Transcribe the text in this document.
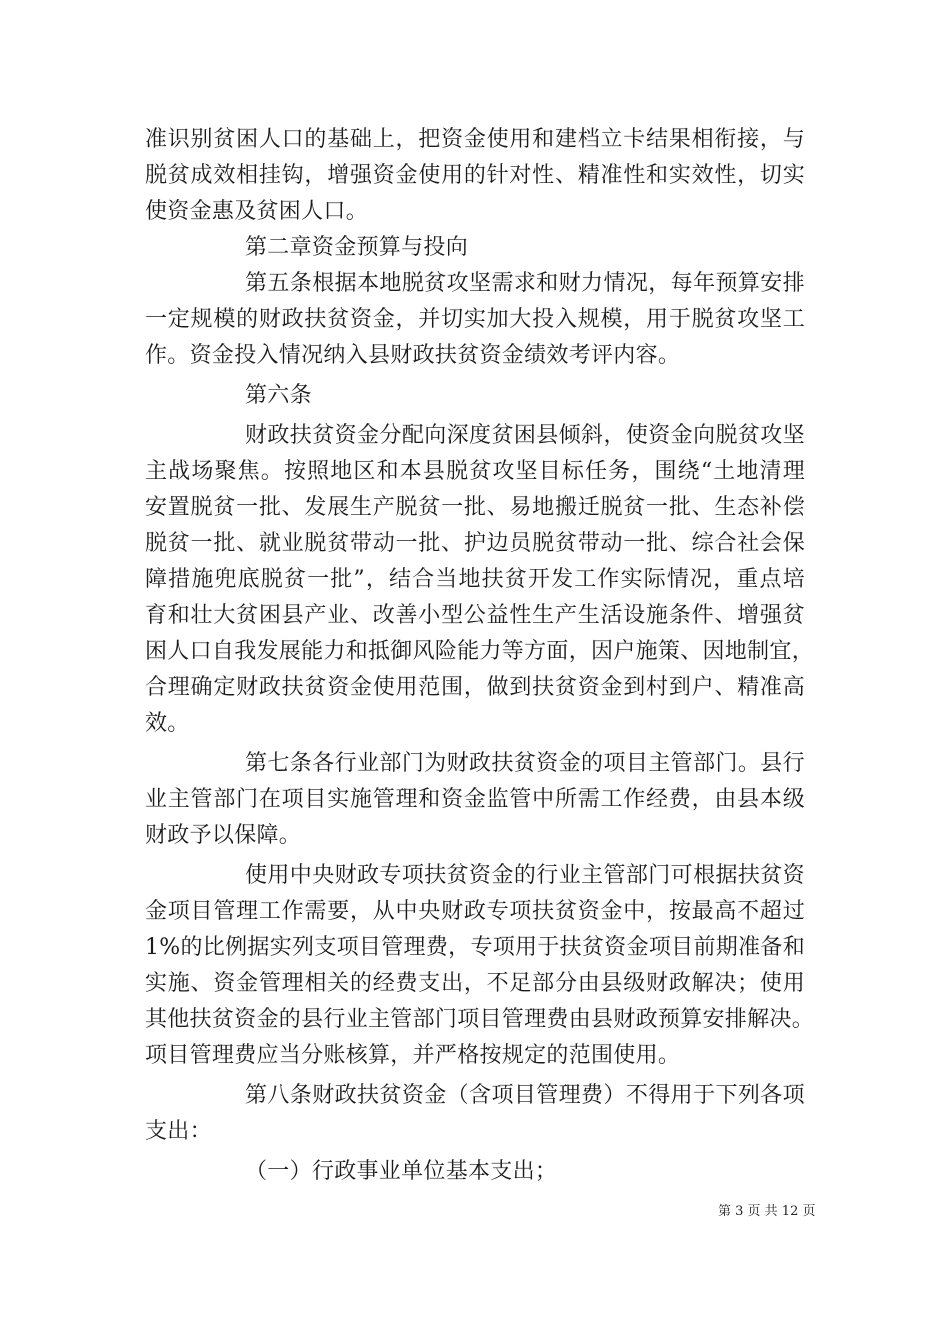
准识别贫困人口的基础上，把资金使用和建档立卡结果相衔接，与
脱贫成效相挂钩，增强资金使用的针对性、精准性和实效性，切实
使资金惠及贫困人口。
第二章资金预算与投向
第五条根据本地脱贫攻坚需求和财力情况，每年预算安排
一定规模的财政扶贫资金，并切实加大投入规模，用于脱贫攻坚工
作。资金投入情况纳入县财政扶贫资金绩效考评内容。
第六条
财政扶贫资金分配向深度贫困县倾斜，使资金向脱贫攻坚
主战场聚焦。按照地区和本县脱贫攻坚目标任务，围绕“土地清理
安置脱贫一批、发展生产脱贫一批、易地搬迁脱贫一批、生态补偿
脱贫一批、就业脱贫带动一批、护边员脱贫带动一批、综合社会保
障措施兜底脱贫一批”，结合当地扶贫开发工作实际情况，重点培
育和壮大贫困县产业、改善小型公益性生产生活设施条件、增强贫
困人口自我发展能力和抵御风险能力等方面，因户施策、因地制宜，
合理确定财政扶贫资金使用范围，做到扶贫资金到村到户、精准高
效。
第七条各行业部门为财政扶贫资金的项目主管部门。县行
业主管部门在项目实施管理和资金监管中所需工作经费，由县本级
财政予以保障。
使用中央财政专项扶贫资金的行业主管部门可根据扶贫资
金项目管理工作需要，从中央财政专项扶贫资金中，按最高不超过
1%的比例据实列支项目管理费，专项用于扶贫资金项目前期准备和
实施、资金管理相关的经费支出，不足部分由县级财政解决；使用
其他扶贫资金的县行业主管部门项目管理费由县财政预算安排解决。
项目管理费应当分账核算，并严格按规定的范围使用。
第八条财政扶贫资金（含项目管理费）不得用于下列各项
支出：
（一）行政事业单位基本支出；
第 3 页 共 12 页
